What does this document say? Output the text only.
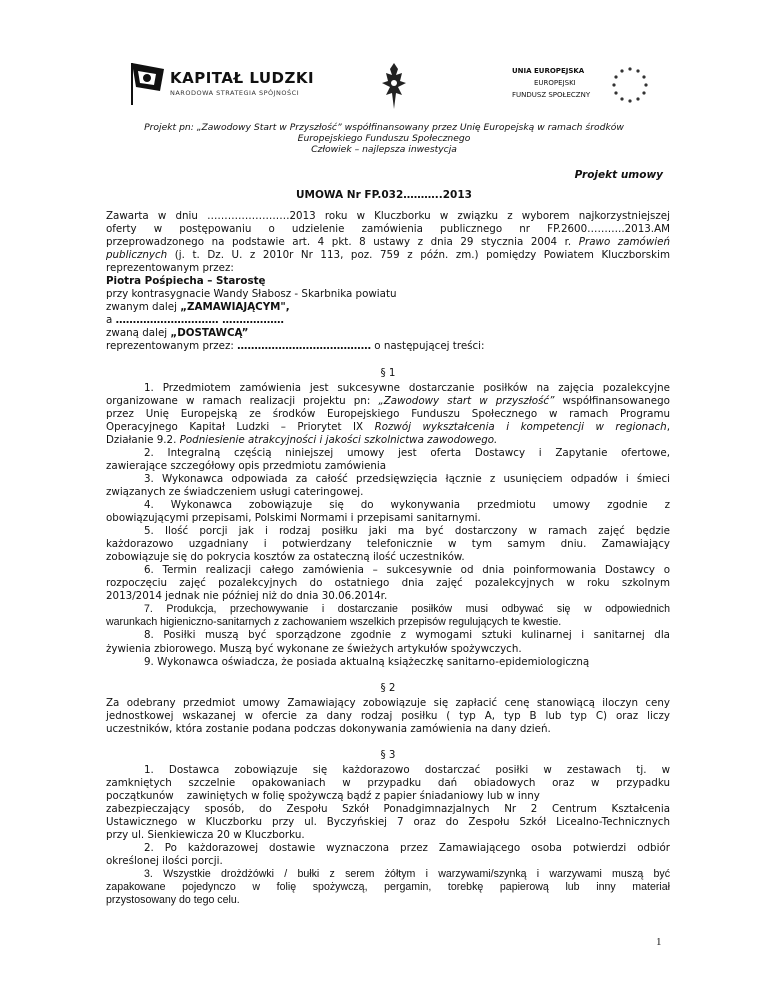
KAPITAŁ LUDZKI
NARODOWA STRATEGIA SPÓJNOŚCI
UNIA EUROPEJSKA
EUROPEJSKI
FUNDUSZ SPOŁECZNY
Projekt pn: „Zawodowy Start w Przyszłość” współfinansowany przez Unię Europejską w ramach środków
Europejskiego Funduszu Społecznego
Człowiek – najlepsza inwestycja
Projekt umowy
UMOWA Nr FP.032………..2013

Zawarta w dniu ……………………2013 roku w Kluczborku w związku z wyborem najkorzystniejszej

oferty w postępowaniu o udzielenie zamówienia publicznego nr FP.2600………..2013.AM

przeprowadzonego na podstawie art. 4 pkt. 8 ustawy z dnia 29 stycznia 2004 r. Prawo zamówień

publicznych (j. t. Dz. U. z 2010r Nr 113, poz. 759 z późn. zm.) pomiędzy Powiatem Kluczborskim

reprezentowanym przez:

Piotra Pośpiecha – Starostę

przy kontrasygnacie Wandy Słabosz - Skarbnika powiatu

zwanym dalej „ZAMAWIAJĄCYM",

a ………………………… ………………

zwaną dalej „DOSTAWCĄ”

reprezentowanym przez: ………………………………… o następującej treści:

§ 1

1. Przedmiotem zamówienia jest sukcesywne dostarczanie posiłków na zajęcia pozalekcyjne

organizowane w ramach realizacji projektu pn: „Zawodowy start w przyszłość” współfinansowanego

przez Unię Europejską ze środków Europejskiego Funduszu Społecznego w ramach Programu

Operacyjnego Kapitał Ludzki – Priorytet IX Rozwój wykształcenia i kompetencji w regionach,

Działanie 9.2. Podniesienie atrakcyjności i jakości szkolnictwa zawodowego.

2. Integralną częścią niniejszej umowy jest oferta Dostawcy i Zapytanie ofertowe,

zawierające szczegółowy opis przedmiotu zamówienia

3. Wykonawca odpowiada za całość przedsięwzięcia łącznie z usunięciem odpadów i śmieci

związanych ze świadczeniem usługi cateringowej.

4. Wykonawca zobowiązuje się do wykonywania przedmiotu umowy zgodnie z

obowiązującymi przepisami, Polskimi Normami i przepisami sanitarnymi.

5. Ilość porcji jak i rodzaj posiłku jaki ma być dostarczony w ramach zajęć będzie

każdorazowo uzgadniany i potwierdzany telefonicznie w tym samym dniu. Zamawiający

zobowiązuje się do pokrycia kosztów za ostateczną ilość uczestników.

6. Termin realizacji całego zamówienia – sukcesywnie od dnia poinformowania Dostawcy o

rozpoczęciu zajęć pozalekcyjnych do ostatniego dnia zajęć pozalekcyjnych w roku szkolnym

2013/2014 jednak nie później niż do dnia 30.06.2014r.

7. Produkcja, przechowywanie i dostarczanie posiłków musi odbywać się w odpowiednich

warunkach higieniczno-sanitarnych z zachowaniem wszelkich przepisów regulujących te kwestie.

8. Posiłki muszą być sporządzone zgodnie z wymogami sztuki kulinarnej i sanitarnej dla

żywienia zbiorowego. Muszą być wykonane ze świeżych artykułów spożywczych.

9. Wykonawca oświadcza, że posiada aktualną książeczkę sanitarno-epidemiologiczną

§ 2

Za odebrany przedmiot umowy Zamawiający zobowiązuje się zapłacić cenę stanowiącą iloczyn ceny

jednostkowej wskazanej w ofercie za dany rodzaj posiłku ( typ A, typ B lub typ C) oraz liczy

uczestników, która zostanie podana podczas dokonywania zamówienia na dany dzień.

§ 3

1. Dostawca zobowiązuje się każdorazowo dostarczać posiłki w zestawach tj. w

zamkniętych szczelnie opakowaniach w przypadku dań obiadowych oraz w przypadku

początkunów    zawiniętych w folię spożywczą bądź z papier śniadaniowy lub w inny

zabezpieczający sposób, do Zespołu Szkół Ponadgimnazjalnych Nr 2 Centrum Kształcenia

Ustawicznego w Kluczborku przy ul. Byczyńskiej 7 oraz do Zespołu Szkół Licealno-Technicznych

przy ul. Sienkiewicza 20 w Kluczborku.

2. Po każdorazowej dostawie wyznaczona przez Zamawiającego osoba potwierdzi odbiór

określonej ilości porcji.

3. Wszystkie drożdżówki / bułki z serem żółtym i warzywami/szynką i warzywami muszą być

zapakowane pojedynczo w folię spożywczą, pergamin, torebkę papierową lub inny materiał

przystosowany do tego celu.

1
